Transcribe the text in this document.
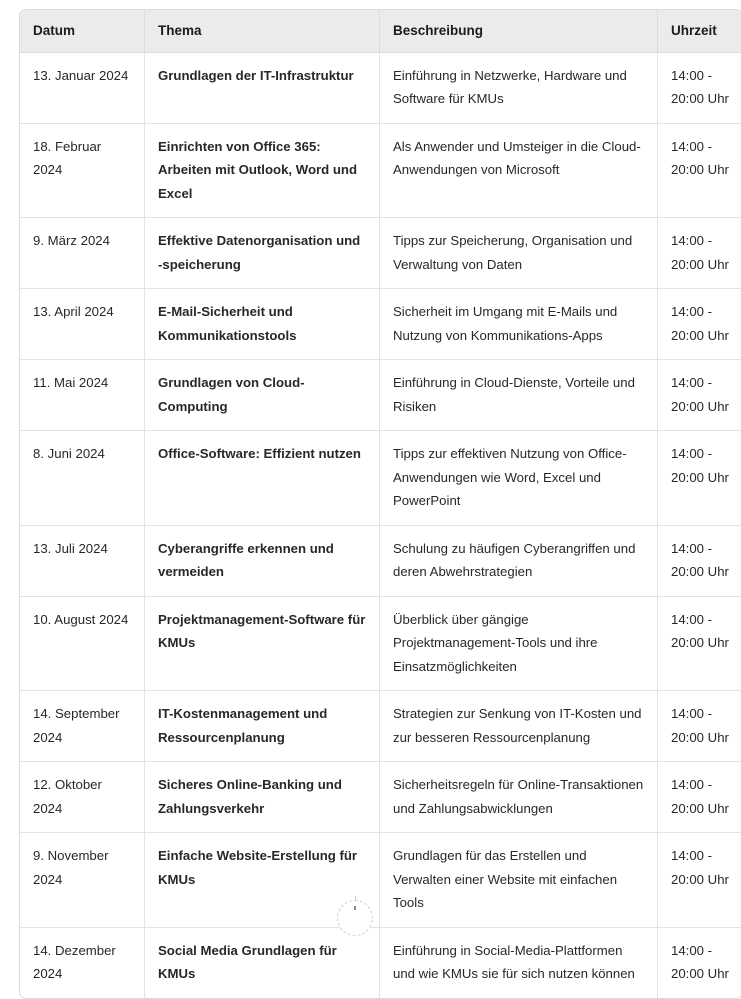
Datum	Thema	Beschreibung	Uhrzeit
13. Januar 2024	Grundlagen der IT-Infrastruktur	Einführung in Netzwerke, Hardware und Software für KMUs	14:00 - 20:00 Uhr
18. Februar 2024	Einrichten von Office 365: Arbeiten mit Outlook, Word und Excel	Als Anwender und Umsteiger in die Cloud-Anwendungen von Microsoft	14:00 - 20:00 Uhr
9. März 2024	Effektive Datenorganisation und -speicherung	Tipps zur Speicherung, Organisation und Verwaltung von Daten	14:00 - 20:00 Uhr
13. April 2024	E-Mail-Sicherheit und Kommunikationstools	Sicherheit im Umgang mit E-Mails und Nutzung von Kommunikations-Apps	14:00 - 20:00 Uhr
11. Mai 2024	Grundlagen von Cloud-Computing	Einführung in Cloud-Dienste, Vorteile und Risiken	14:00 - 20:00 Uhr
8. Juni 2024	Office-Software: Effizient nutzen	Tipps zur effektiven Nutzung von Office-Anwendungen wie Word, Excel und PowerPoint	14:00 - 20:00 Uhr
13. Juli 2024	Cyberangriffe erkennen und vermeiden	Schulung zu häufigen Cyberangriffen und deren Abwehrstrategien	14:00 - 20:00 Uhr
10. August 2024	Projektmanagement-Software für KMUs	Überblick über gängige Projektmanagement-Tools und ihre Einsatzmöglichkeiten	14:00 - 20:00 Uhr
14. September 2024	IT-Kostenmanagement und Ressourcenplanung	Strategien zur Senkung von IT-Kosten und zur besseren Ressourcenplanung	14:00 - 20:00 Uhr
12. Oktober 2024	Sicheres Online-Banking und Zahlungsverkehr	Sicherheitsregeln für Online-Transaktionen und Zahlungsabwicklungen	14:00 - 20:00 Uhr
9. November 2024	Einfache Website-Erstellung für KMUs	Grundlagen für das Erstellen und Verwalten einer Website mit einfachen Tools	14:00 - 20:00 Uhr
14. Dezember 2024	Social Media Grundlagen für KMUs	Einführung in Social-Media-Plattformen und wie KMUs sie für sich nutzen können	14:00 - 20:00 Uhr
